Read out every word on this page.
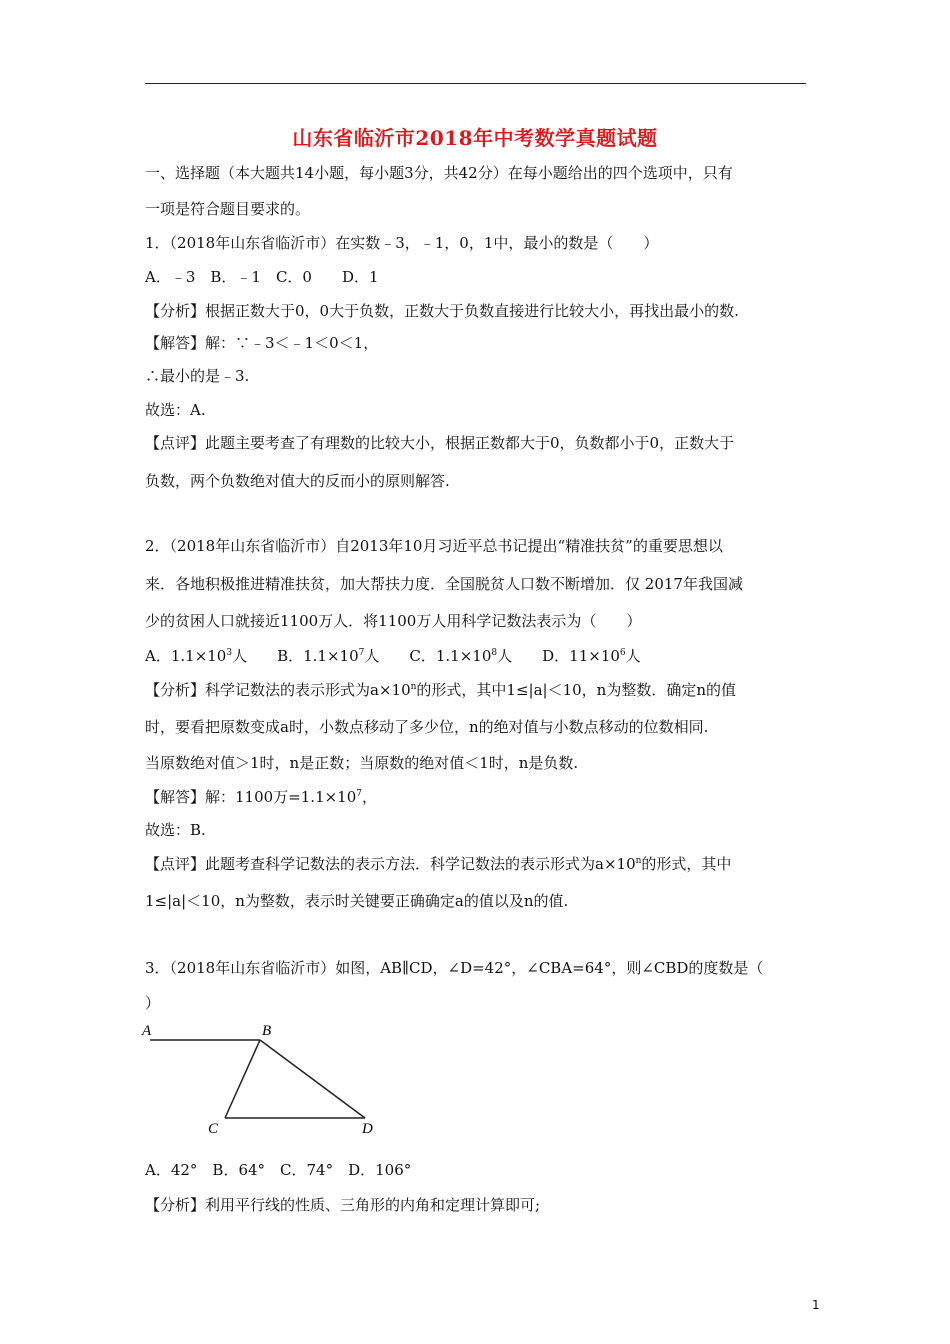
山东省临沂市2018年中考数学真题试题
一、选择题（本大题共14小题，每小题3分，共42分）在每小题给出的四个选项中，只有
一项是符合题目要求的。
1．（2018年山东省临沂市）在实数﹣3，﹣1，0，1中，最小的数是（　　）
A．﹣3　B．﹣1　C．0　　D．1
【分析】根据正数大于0，0大于负数，正数大于负数直接进行比较大小，再找出最小的数.
【解答】解：∵﹣3＜﹣1＜0＜1，
∴最小的是﹣3.
故选：A.
【点评】此题主要考查了有理数的比较大小，根据正数都大于0，负数都小于0，正数大于
负数，两个负数绝对值大的反而小的原则解答.
2．（2018年山东省临沂市）自2013年10月习近平总书记提出“精准扶贫”的重要思想以
来．各地积极推进精准扶贫，加大帮扶力度．全国脱贫人口数不断增加．仅 2017年我国减
少的贫困人口就接近1100万人．将1100万人用科学记数法表示为（　　）
A．$1.1\times 10^3$人　　B．$1.1\times 10^7$人　　C．$1.1\times 10^8$人　　D．$11\times 10^6$人
【分析】科学记数法的表示形式为$a\times 10^n$的形式，其中1≤|a|＜10，n为整数．确定n的值
时，要看把原数变成a时，小数点移动了多少位，n的绝对值与小数点移动的位数相同.
当原数绝对值＞1时，n是正数；当原数的绝对值＜1时，n是负数.
【解答】解：1100万$=1.1\times 10^7$，
故选：B.
【点评】此题考查科学记数法的表示方法．科学记数法的表示形式为$a\times 10^n$的形式，其中
1≤|a|＜10，n为整数，表示时关键要正确确定a的值以及n的值.
3．（2018年山东省临沂市）如图，AB∥CD，∠D=42°，∠CBA=64°，则∠CBD的度数是（
）
A	B
C	D
A．42°　B．64°　C．74°　D．106°
【分析】利用平行线的性质、三角形的内角和定理计算即可;
1
